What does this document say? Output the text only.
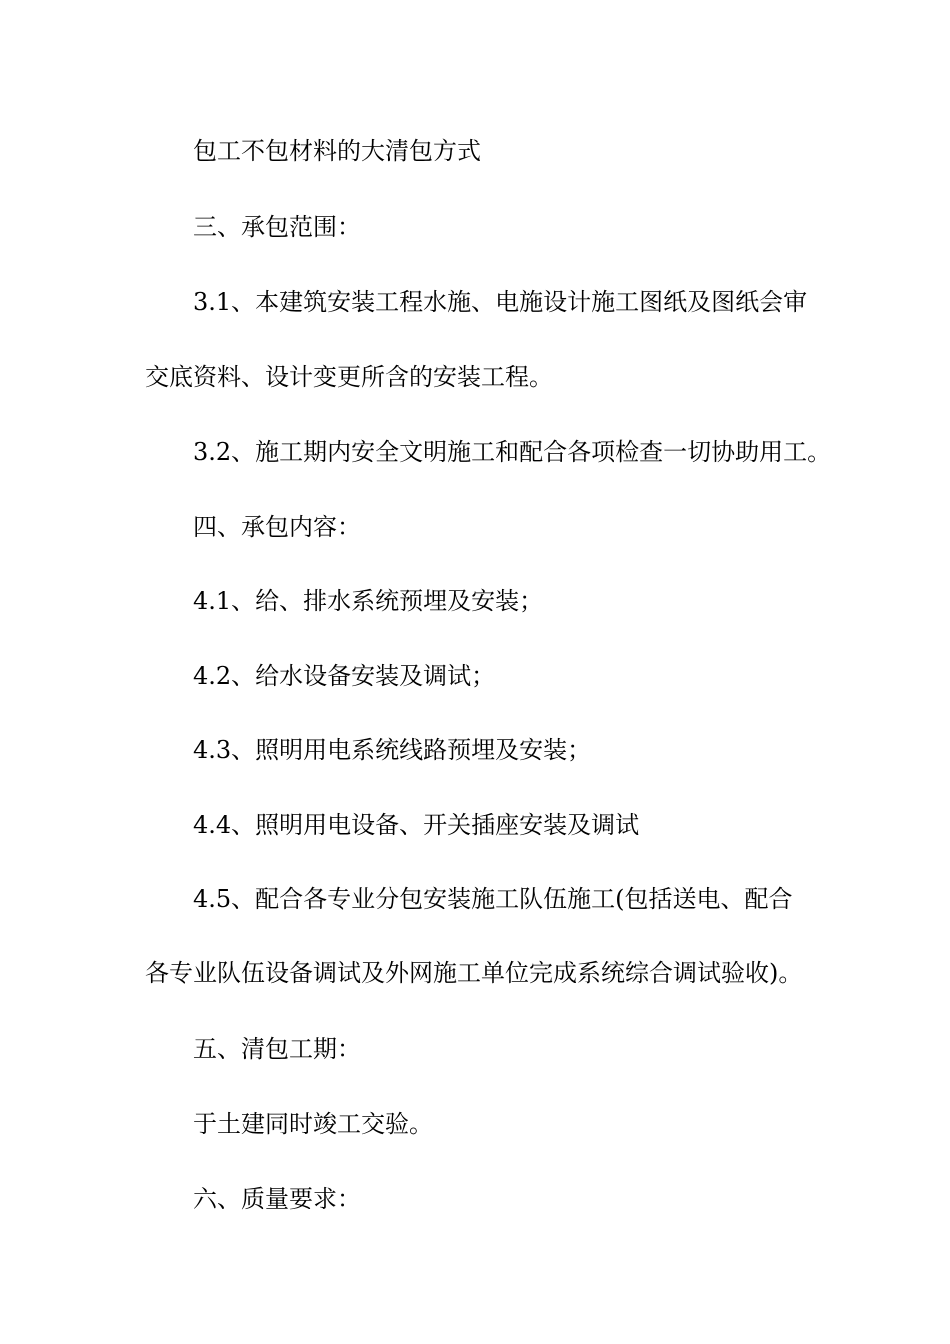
包工不包材料的大清包方式
三、承包范围：
3.1、本建筑安装工程水施、电施设计施工图纸及图纸会审
交底资料、设计变更所含的安装工程。
3.2、施工期内安全文明施工和配合各项检查一切协助用工。
四、承包内容：
4.1、给、排水系统预埋及安装；
4.2、给水设备安装及调试；
4.3、照明用电系统线路预埋及安装；
4.4、照明用电设备、开关插座安装及调试
4.5、配合各专业分包安装施工队伍施工(包括送电、配合
各专业队伍设备调试及外网施工单位完成系统综合调试验收)。
五、清包工期：
于土建同时竣工交验。
六、质量要求：
